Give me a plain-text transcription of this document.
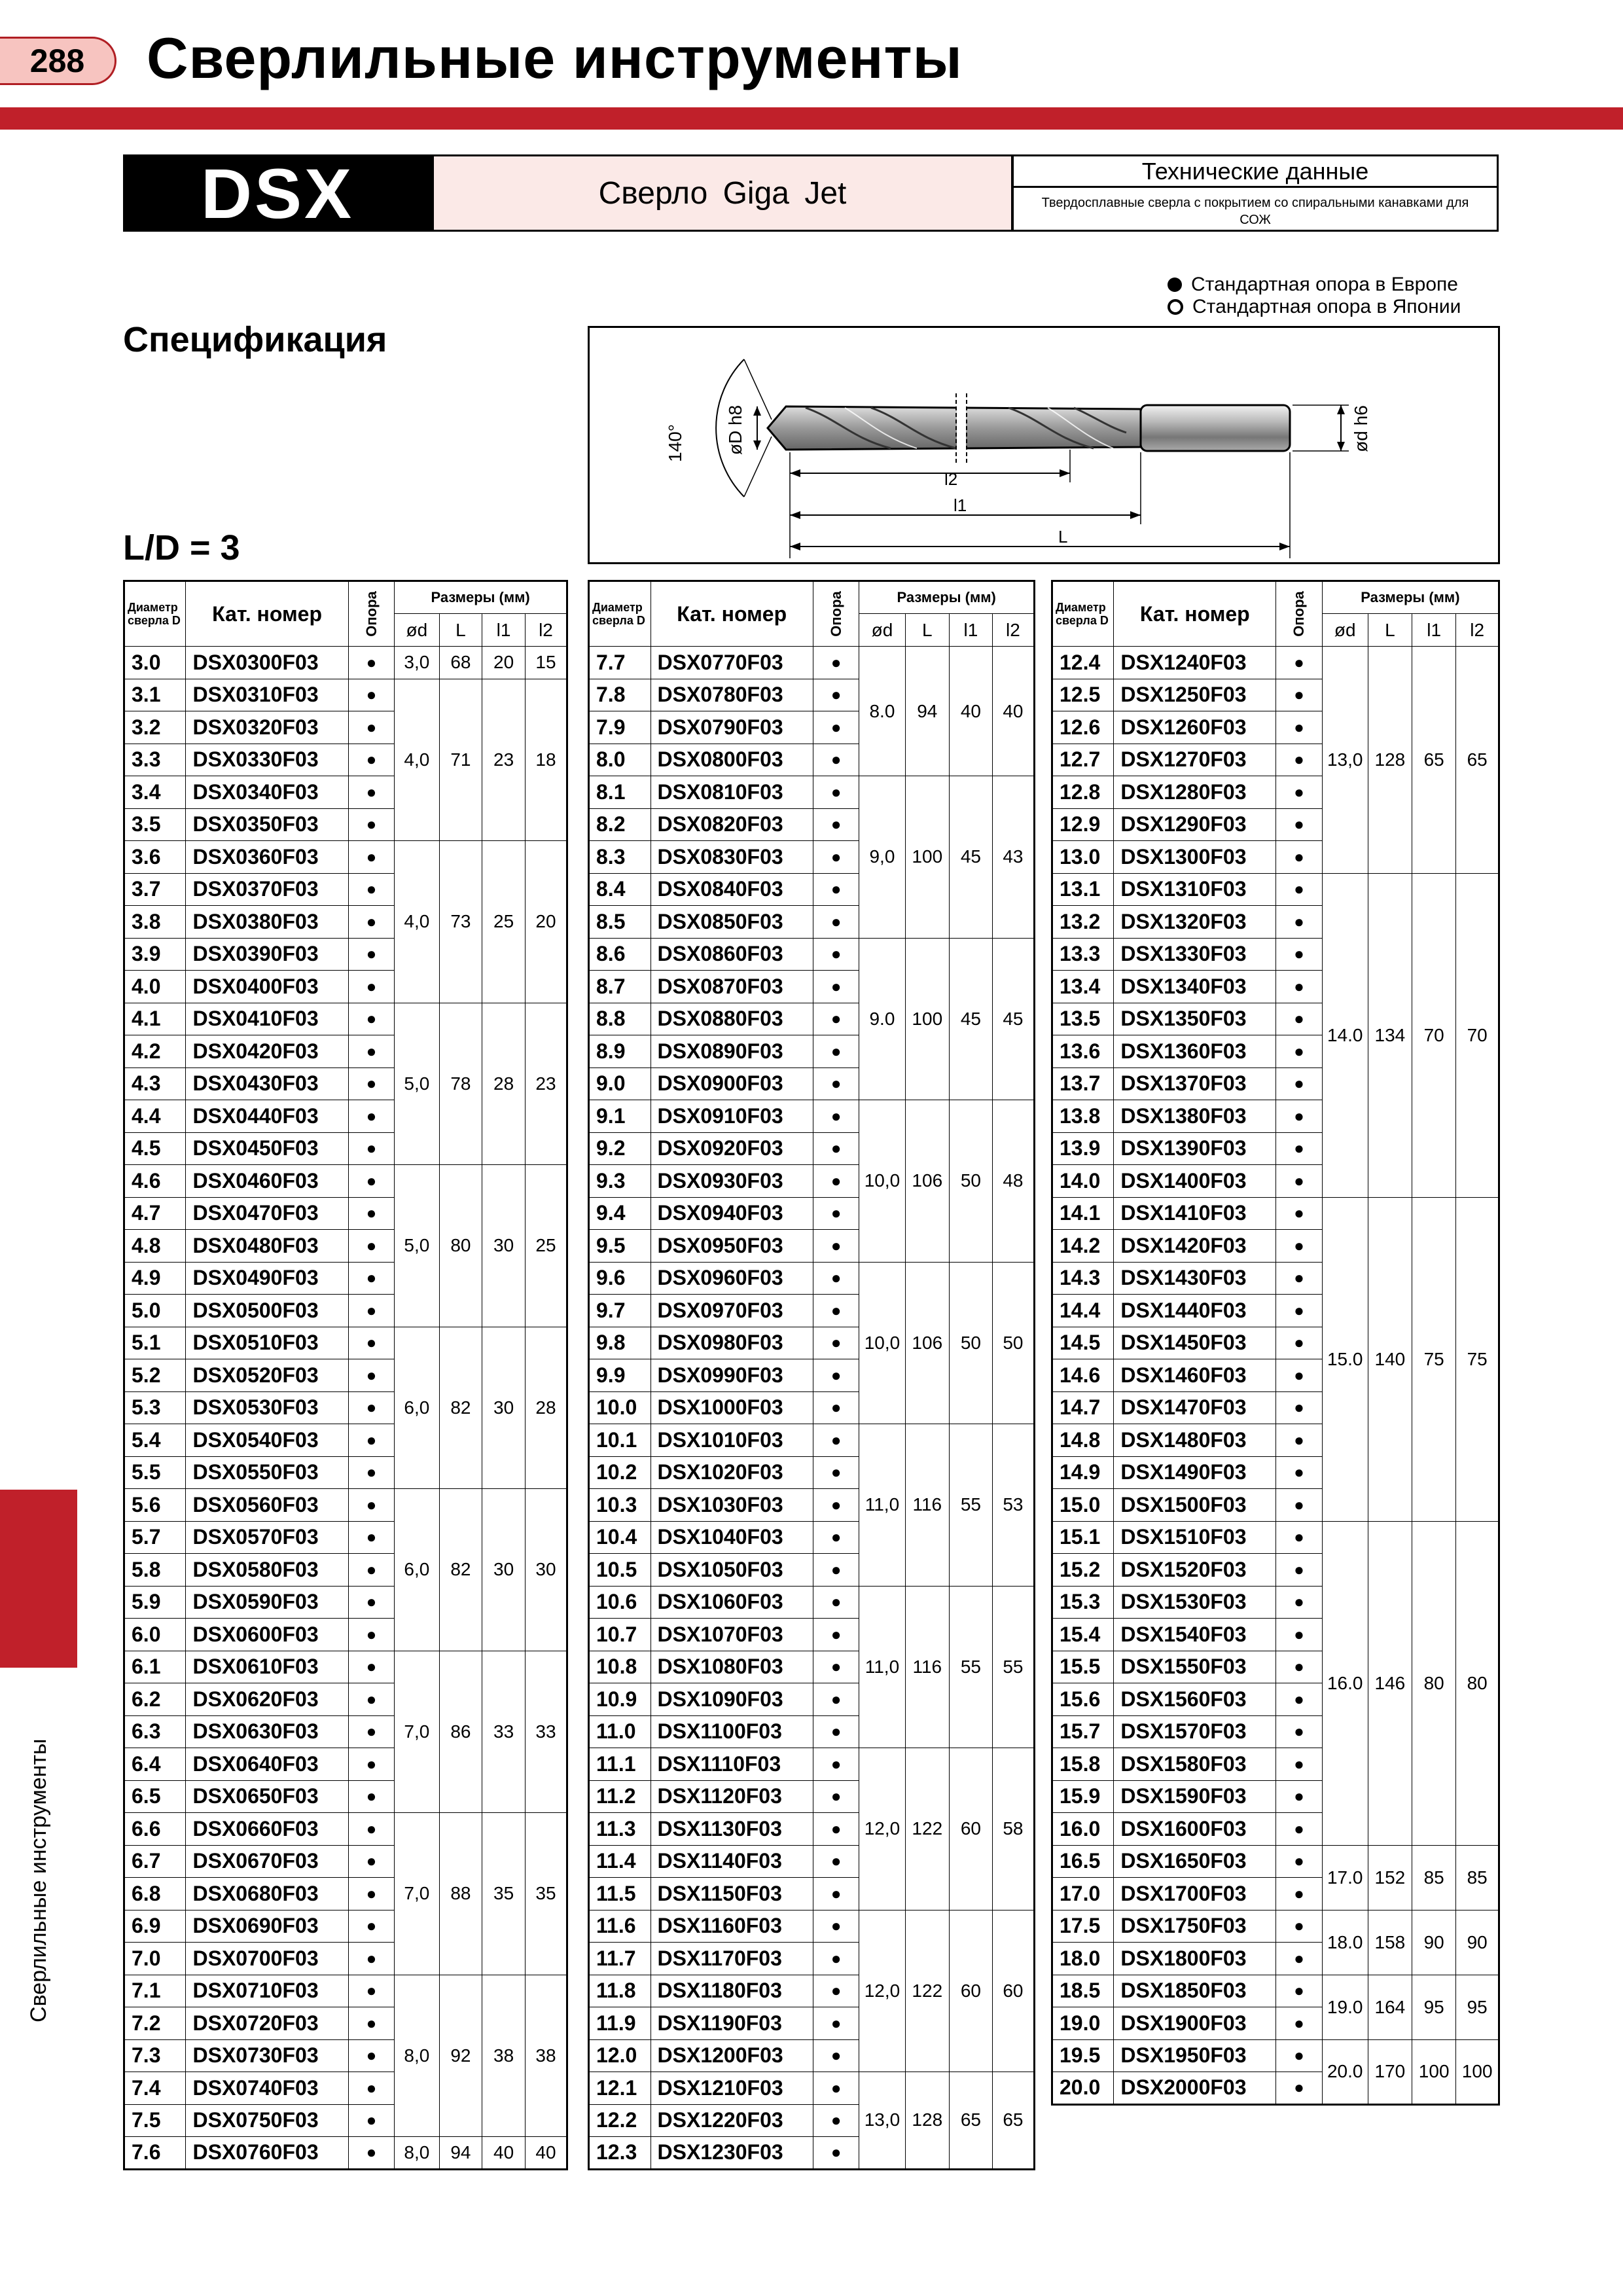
288	Сверлильные инструменты
DSX	Сверло Giga Jet
Технические данные
Твердосплавные сверла с покрытием со спиральными канавками для СОЖ
Стандартная опора в Европе
Стандартная опора в Японии
Спецификация
L/D = 3
140° øD h8	ød h6
l2
l1
L
Диаметр сверла D	Кат. номер	Опора	Размеры (мм)			
			ød	L	l1	l2
3.0	DSX0300F03	●	3,0	68	20	15
3.1	DSX0310F03	●	4,0	71	23	18
3.2	DSX0320F03	●				
3.3	DSX0330F03	●				
3.4	DSX0340F03	●				
3.5	DSX0350F03	●				
3.6	DSX0360F03	●	4,0	73	25	20
3.7	DSX0370F03	●				
3.8	DSX0380F03	●				
3.9	DSX0390F03	●				
4.0	DSX0400F03	●				
4.1	DSX0410F03	●	5,0	78	28	23
4.2	DSX0420F03	●				
4.3	DSX0430F03	●				
4.4	DSX0440F03	●				
4.5	DSX0450F03	●				
4.6	DSX0460F03	●	5,0	80	30	25
4.7	DSX0470F03	●				
4.8	DSX0480F03	●				
4.9	DSX0490F03	●				
5.0	DSX0500F03	●				
5.1	DSX0510F03	●	6,0	82	30	28
5.2	DSX0520F03	●				
5.3	DSX0530F03	●				
5.4	DSX0540F03	●				
5.5	DSX0550F03	●				
5.6	DSX0560F03	●	6,0	82	30	30
5.7	DSX0570F03	●				
5.8	DSX0580F03	●				
5.9	DSX0590F03	●				
6.0	DSX0600F03	●				
6.1	DSX0610F03	●	7,0	86	33	33
6.2	DSX0620F03	●				
6.3	DSX0630F03	●				
6.4	DSX0640F03	●				
6.5	DSX0650F03	●				
6.6	DSX0660F03	●	7,0	88	35	35
6.7	DSX0670F03	●				
6.8	DSX0680F03	●				
6.9	DSX0690F03	●				
7.0	DSX0700F03	●				
7.1	DSX0710F03	●	8,0	92	38	38
7.2	DSX0720F03	●				
7.3	DSX0730F03	●				
7.4	DSX0740F03	●				
7.5	DSX0750F03	●				
7.6	DSX0760F03	●	8,0	94	40	40
Диаметр сверла D	Кат. номер	Опора	Размеры (мм)			
			ød	L	l1	l2
7.7	DSX0770F03	●	8.0	94	40	40
7.8	DSX0780F03	●				
7.9	DSX0790F03	●				
8.0	DSX0800F03	●				
8.1	DSX0810F03	●	9,0	100	45	43
8.2	DSX0820F03	●				
8.3	DSX0830F03	●				
8.4	DSX0840F03	●				
8.5	DSX0850F03	●				
8.6	DSX0860F03	●	9.0	100	45	45
8.7	DSX0870F03	●				
8.8	DSX0880F03	●				
8.9	DSX0890F03	●				
9.0	DSX0900F03	●				
9.1	DSX0910F03	●	10,0	106	50	48
9.2	DSX0920F03	●				
9.3	DSX0930F03	●				
9.4	DSX0940F03	●				
9.5	DSX0950F03	●				
9.6	DSX0960F03	●	10,0	106	50	50
9.7	DSX0970F03	●				
9.8	DSX0980F03	●				
9.9	DSX0990F03	●				
10.0	DSX1000F03	●				
10.1	DSX1010F03	●	11,0	116	55	53
10.2	DSX1020F03	●				
10.3	DSX1030F03	●				
10.4	DSX1040F03	●				
10.5	DSX1050F03	●				
10.6	DSX1060F03	●	11,0	116	55	55
10.7	DSX1070F03	●				
10.8	DSX1080F03	●				
10.9	DSX1090F03	●				
11.0	DSX1100F03	●				
11.1	DSX1110F03	●	12,0	122	60	58
11.2	DSX1120F03	●				
11.3	DSX1130F03	●				
11.4	DSX1140F03	●				
11.5	DSX1150F03	●				
11.6	DSX1160F03	●	12,0	122	60	60
11.7	DSX1170F03	●				
11.8	DSX1180F03	●				
11.9	DSX1190F03	●				
12.0	DSX1200F03	●				
12.1	DSX1210F03	●	13,0	128	65	65
12.2	DSX1220F03	●				
12.3	DSX1230F03	●				
Диаметр сверла D	Кат. номер	Опора	Размеры (мм)			
			ød	L	l1	l2
12.4	DSX1240F03	●	13,0	128	65	65
12.5	DSX1250F03	●				
12.6	DSX1260F03	●				
12.7	DSX1270F03	●				
12.8	DSX1280F03	●				
12.9	DSX1290F03	●				
13.0	DSX1300F03	●				
13.1	DSX1310F03	●	14.0	134	70	70
13.2	DSX1320F03	●				
13.3	DSX1330F03	●				
13.4	DSX1340F03	●				
13.5	DSX1350F03	●				
13.6	DSX1360F03	●				
13.7	DSX1370F03	●				
13.8	DSX1380F03	●				
13.9	DSX1390F03	●				
14.0	DSX1400F03	●				
14.1	DSX1410F03	●	15.0	140	75	75
14.2	DSX1420F03	●				
14.3	DSX1430F03	●				
14.4	DSX1440F03	●				
14.5	DSX1450F03	●				
14.6	DSX1460F03	●				
14.7	DSX1470F03	●				
14.8	DSX1480F03	●				
14.9	DSX1490F03	●				
15.0	DSX1500F03	●				
15.1	DSX1510F03	●	16.0	146	80	80
15.2	DSX1520F03	●				
15.3	DSX1530F03	●				
15.4	DSX1540F03	●				
15.5	DSX1550F03	●				
15.6	DSX1560F03	●				
15.7	DSX1570F03	●				
15.8	DSX1580F03	●				
15.9	DSX1590F03	●				
16.0	DSX1600F03	●				
16.5	DSX1650F03	●	17.0	152	85	85
17.0	DSX1700F03	●				
17.5	DSX1750F03	●	18.0	158	90	90
18.0	DSX1800F03	●				
18.5	DSX1850F03	●	19.0	164	95	95
19.0	DSX1900F03	●				
19.5	DSX1950F03	●	20.0	170	100	100
20.0	DSX2000F03	●				
Сверлильные инструменты
